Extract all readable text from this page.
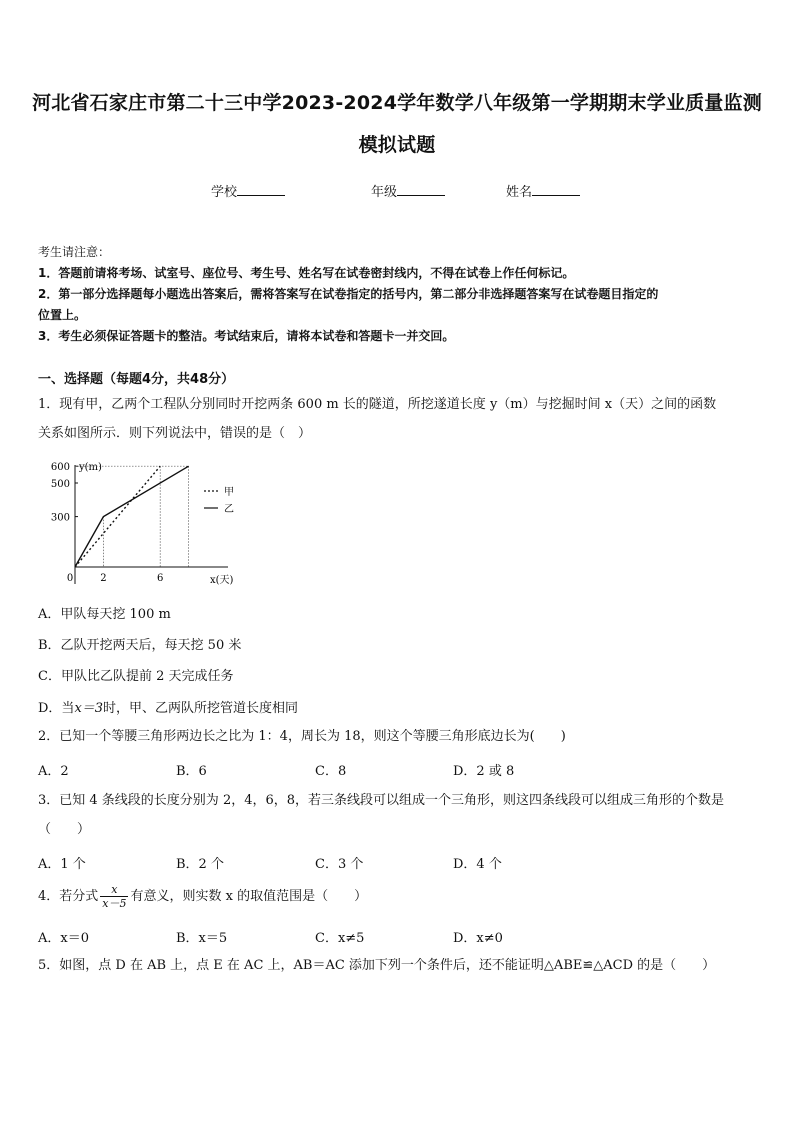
河北省石家庄市第二十三中学2023-2024学年数学八年级第一学期期末学业质量监测
模拟试题
学校	年级	姓名
考生请注意：
1．答题前请将考场、试室号、座位号、考生号、姓名写在试卷密封线内，不得在试卷上作任何标记。
2．第一部分选择题每小题选出答案后，需将答案写在试卷指定的括号内，第二部分非选择题答案写在试卷题目指定的
位置上。
3．考生必须保证答题卡的整洁。考试结束后，请将本试卷和答题卡一并交回。
一、选择题（每题4分，共48分）
1．现有甲，乙两个工程队分别同时开挖两条 600 m 长的隧道，所挖遂道长度 y（m）与挖掘时间 x（天）之间的函数
关系如图所示．则下列说法中，错误的是（　）
600
500
300
0	2	6
y(m)
x(天)
甲
乙
A．甲队每天挖 100 m
B．乙队开挖两天后，每天挖 50 米
C．甲队比乙队提前 2 天完成任务
D．当x＝3时，甲、乙两队所挖管道长度相同
2．已知一个等腰三角形两边长之比为 1：4，周长为 18，则这个等腰三角形底边长为(　　)
A．2	B．6	C．8	D．2 或 8
3．已知 4 条线段的长度分别为 2，4，6，8，若三条线段可以组成一个三角形，则这四条线段可以组成三角形的个数是
（　　）
A．1 个	B．2 个	C．3 个	D．4 个
4．若分式 $\frac{x}{x-5}$ 有意义，则实数 x 的取值范围是（　　）
A．x＝0	B．x＝5	C．x≠5	D．x≠0
5．如图，点 D 在 AB 上，点 E 在 AC 上，AB＝AC 添加下列一个条件后，还不能证明△ABE≌△ACD 的是（　　）
